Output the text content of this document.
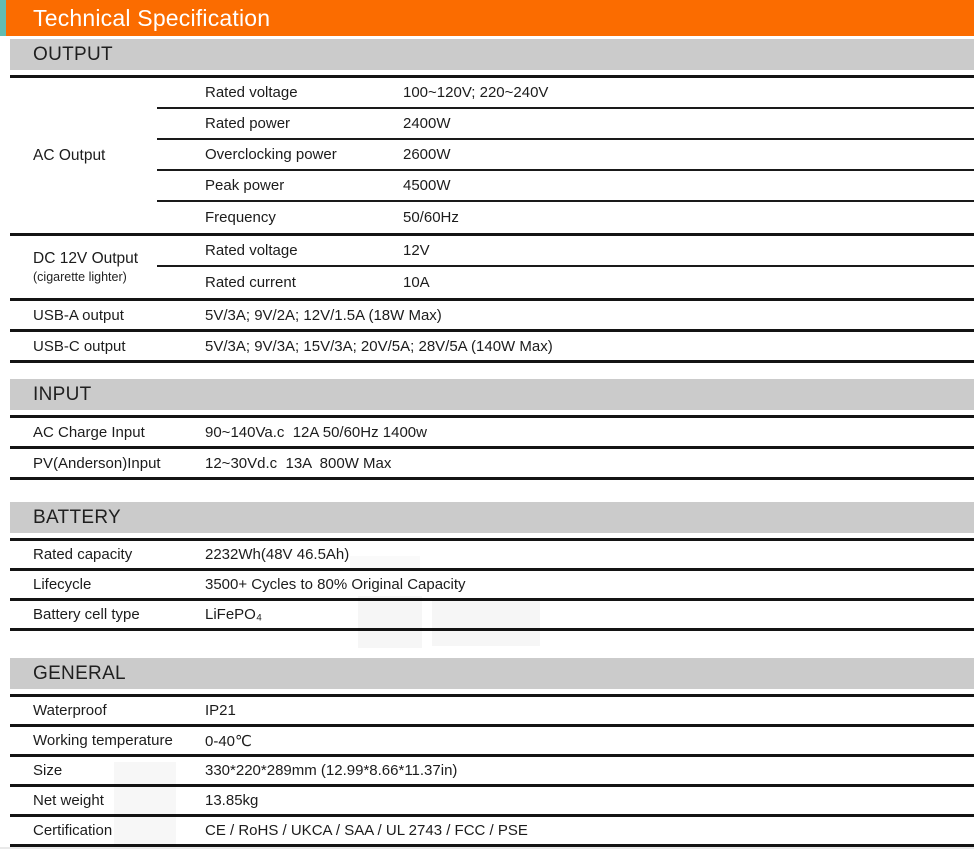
Technical Specification
OUTPUT
AC Output
Rated voltage	100~120V; 220~240V
Rated power	2400W
Overclocking power	2600W
Peak power	4500W
Frequency	50/60Hz
DC 12V Output
(cigarette lighter)
Rated voltage	12V
Rated current	10A
USB-A output	5V/3A; 9V/2A; 12V/1.5A (18W Max)
USB-C output	5V/3A; 9V/3A; 15V/3A; 20V/5A; 28V/5A (140W Max)
INPUT
AC Charge Input	90~140Va.c  12A 50/60Hz 1400w
PV(Anderson)Input	12~30Vd.c  13A  800W Max
BATTERY
Rated capacity	2232Wh(48V 46.5Ah)
Lifecycle	3500+ Cycles to 80% Original Capacity
Battery cell type	LiFePO₄
GENERAL
Waterproof	IP21
Working temperature	0-40℃
Size	330*220*289mm (12.99*8.66*11.37in)
Net weight	13.85kg
Certification	CE / RoHS / UKCA / SAA / UL 2743 / FCC / PSE
